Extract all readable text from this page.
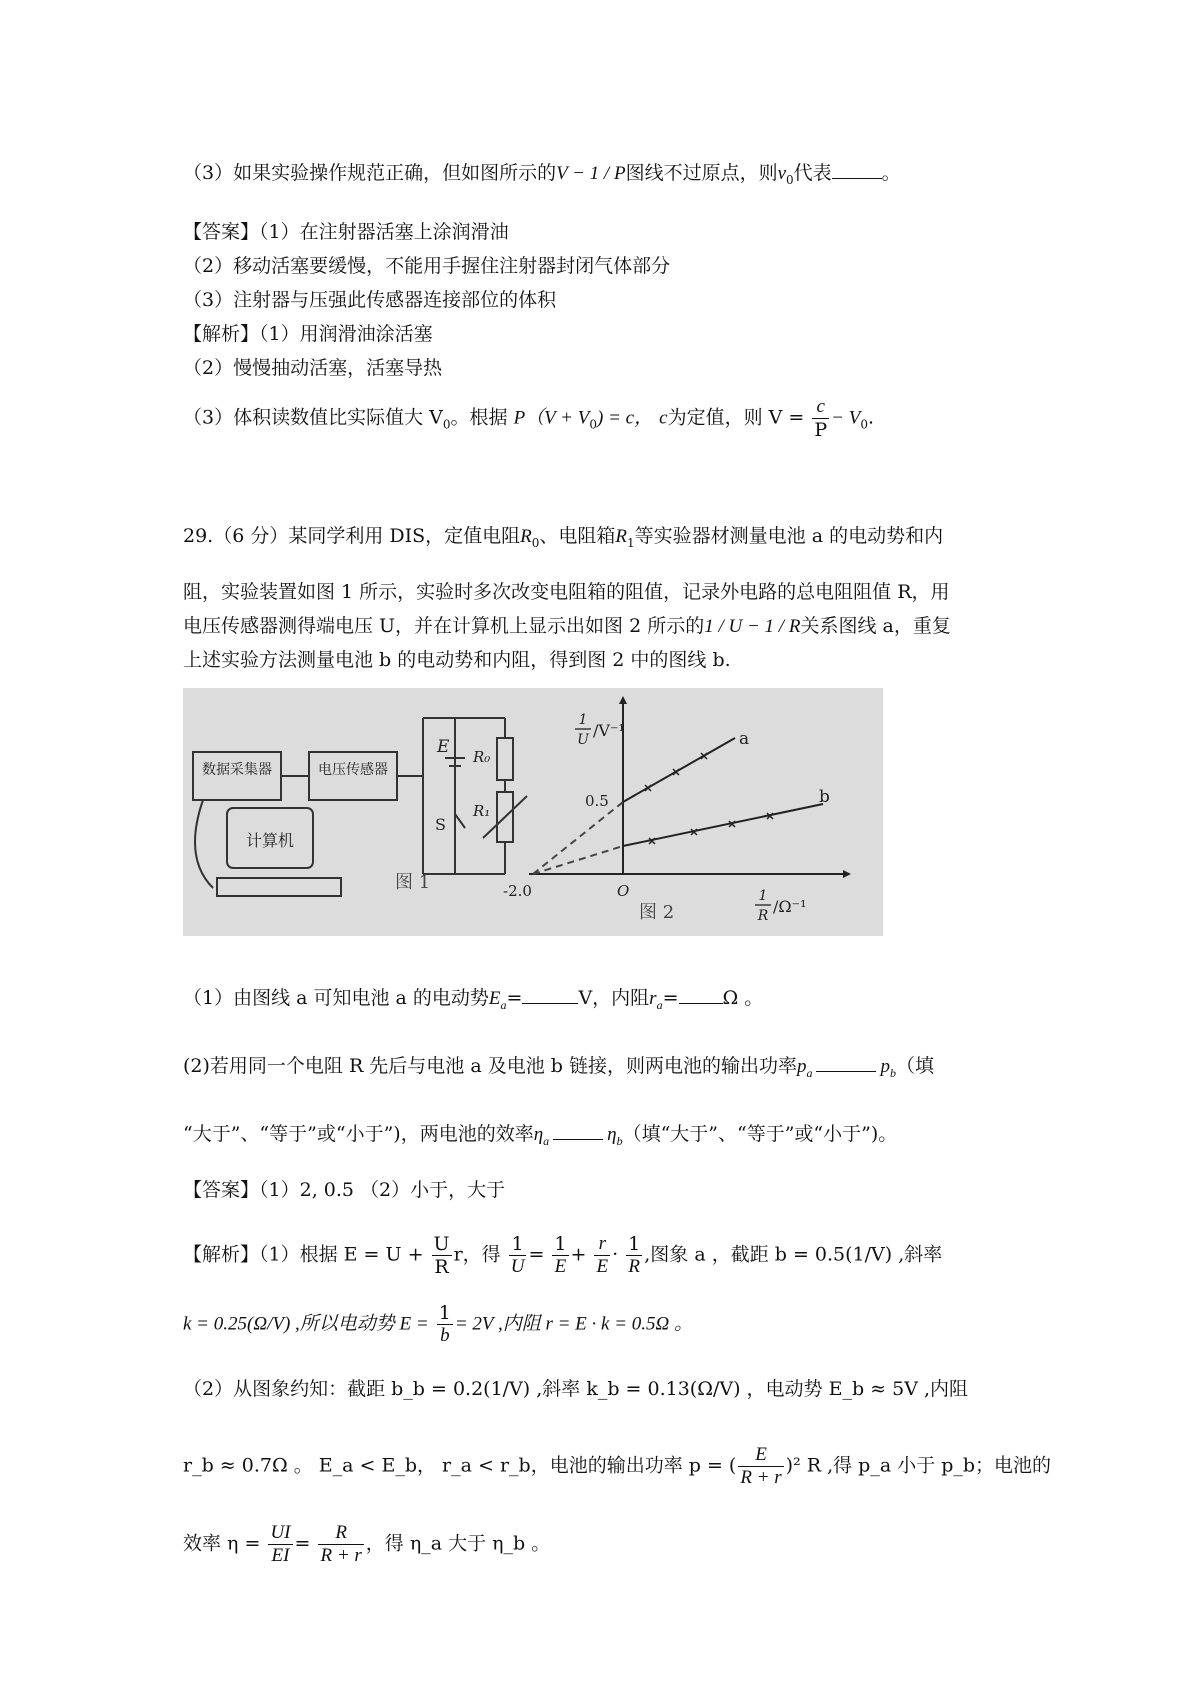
（3）如果实验操作规范正确，但如图所示的V − 1 / P图线不过原点，则$v_0$代表	。
【答案】（1）在注射器活塞上涂润滑油
（2）移动活塞要缓慢，不能用手握住注射器封闭气体部分
（3）注射器与压强此传感器连接部位的体积
【解析】（1）用润滑油涂活塞
（2）慢慢抽动活塞，活塞导热
（3）体积读数值比实际值大 $V_0$。根据 $P(V + V_0) = c$， c为定值，则 $V = \frac{c}{P} - V_0$.
29.（6 分）某同学利用 DIS，定值电阻$R_0$、电阻箱$R_1$等实验器材测量电池 a 的电动势和内
阻，实验装置如图 1 所示，实验时多次改变电阻箱的阻值，记录外电路的总电阻阻值 R，用
电压传感器测得端电压 U，并在计算机上显示出如图 2 所示的1 / U − 1 / R关系图线 a，重复
上述实验方法测量电池 b 的电动势和内阻，得到图 2 中的图线 b.
数据采集器	电压传感器
计算机
E R₀
R₁
S
图 1
1
U /V⁻¹
0.5
-2.0	O
a
b
1
R /Ω⁻¹
图 2
（1）由图线 a 可知电池 a 的电动势$E_a=$	V，内阻$r_a= \Omega$ 。
(2)若用同一个电阻 R 先后与电池 a 及电池 b 链接，则两电池的输出功率$p_a$	$p_b$（填
“大于”、“等于”或“小于”)，两电池的效率$\eta_a$	$\eta_b$（填“大于”、“等于”或“小于”)。
【答案】（1）2, 0.5 （2）小于，大于
【解析】（1）根据 $E = U + \frac{U}{R}$ r，得 $\frac{1}{U} = \frac{1}{E} + \frac{r}{E} \cdot \frac{1}{R}$ ,图象 a ，截距 b = 0.5(1/V) ,斜率
k = 0.25(Ω/V) ,所以电动势 $E = \frac{1}{b} = 2V$ ,内阻 r = E · k = 0.5Ω 。
（2）从图象约知：截距 b_b = 0.2(1/V) ,斜率 k_b = 0.13(Ω/V) ，电动势 E_b ≈ 5V ,内阻
r_b ≈ 0.7Ω 。 E_a < E_b， r_a < r_b，电池的输出功率 p = ( $\frac{E}{R + r} )^2$ R ,得 p_a 小于 p_b；电池的
效率 $\eta = \frac{UI}{EI} = \frac{R}{R + r}$ ，得 η_a 大于 η_b 。
